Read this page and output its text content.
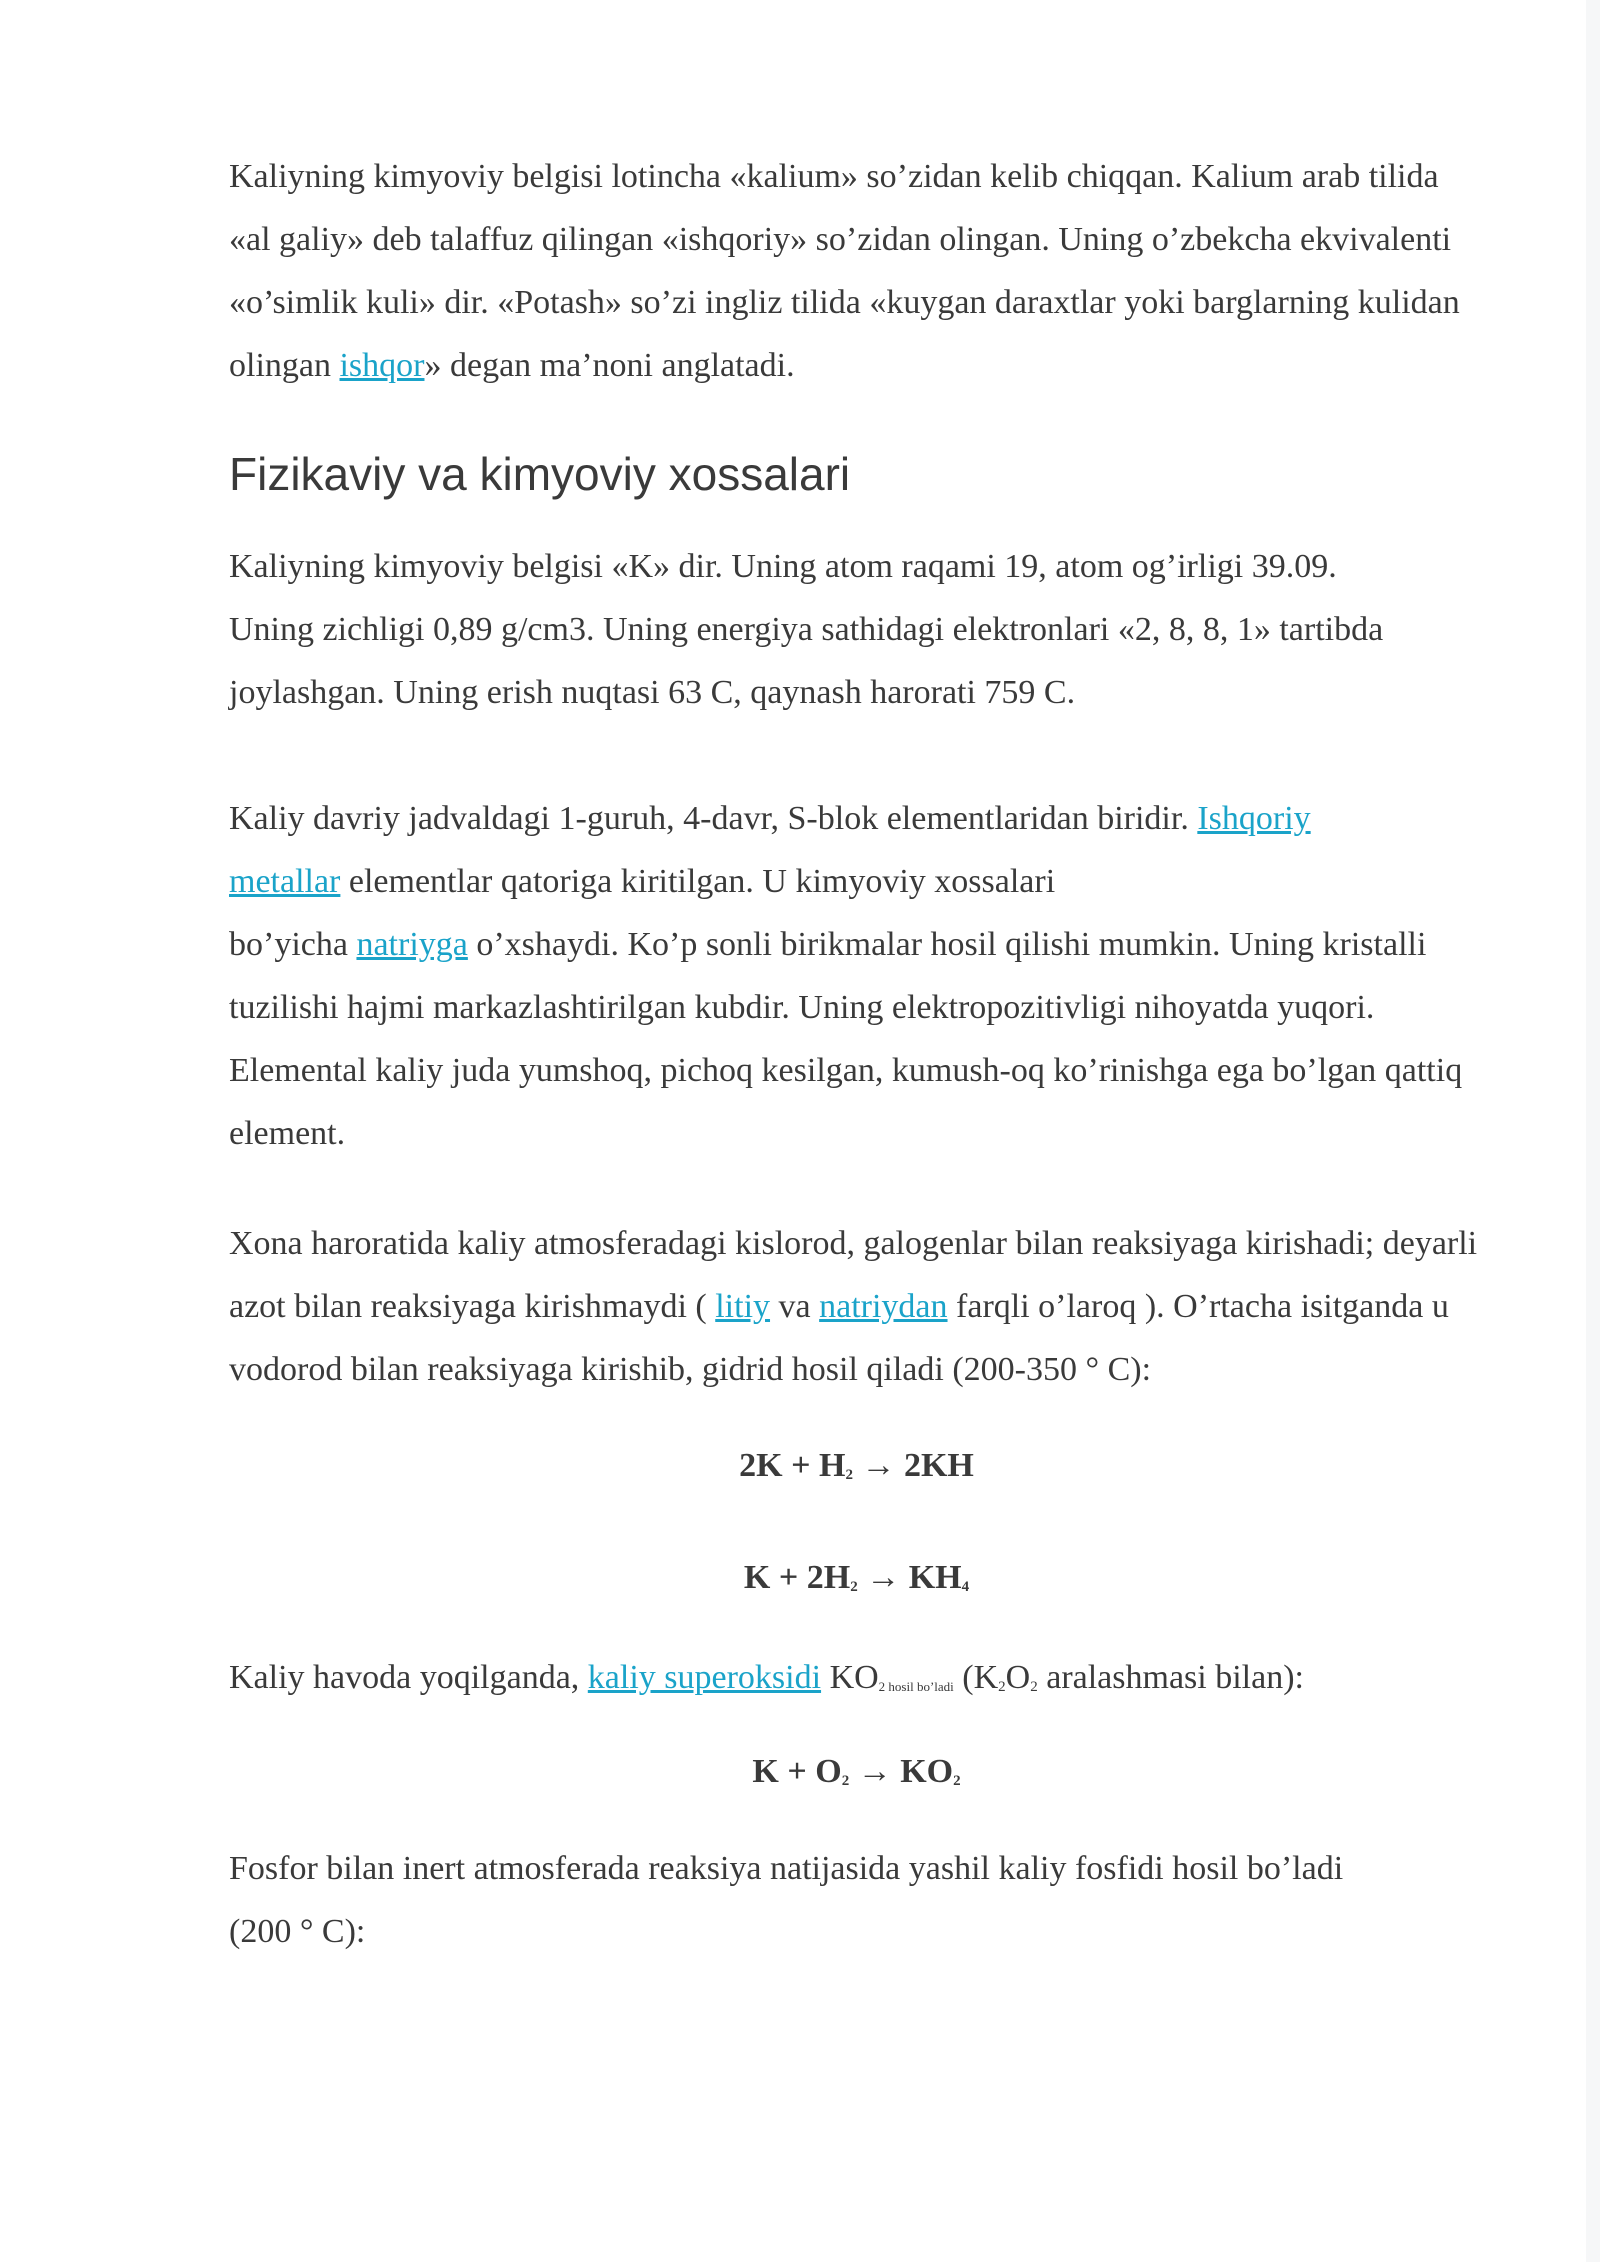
Kaliyning kimyoviy belgisi lotincha «kalium» so’zidan kelib chiqqan. Kalium arab tilida «al galiy» deb talaffuz qilingan «ishqoriy» so’zidan olingan. Uning o’zbekcha ekvivalenti «o’simlik kuli» dir. «Potash» so’zi ingliz tilida «kuygan daraxtlar yoki barglarning kulidan olingan ishqor» degan ma’noni anglatadi.

Fizikaviy va kimyoviy xossalari

Kaliyning kimyoviy belgisi «K» dir. Uning atom raqami 19, atom og’irligi 39.09.
Uning zichligi 0,89 g/cm3. Uning energiya sathidagi elektronlari «2, 8, 8, 1» tartibda
joylashgan. Uning erish nuqtasi 63 C, qaynash harorati 759 C.

Kaliy davriy jadvaldagi 1-guruh, 4-davr, S-blok elementlaridan biridir. Ishqoriy
metallar elementlar qatoriga kiritilgan. U kimyoviy xossalari
bo’yicha natriyga o’xshaydi. Ko’p sonli birikmalar hosil qilishi mumkin. Uning kristalli tuzilishi hajmi markazlashtirilgan kubdir. Uning elektropozitivligi nihoyatda yuqori. Elemental kaliy juda yumshoq, pichoq kesilgan, kumush-oq ko’rinishga ega bo’lgan qattiq element.

Xona haroratida kaliy atmosferadagi kislorod, galogenlar bilan reaksiyaga kirishadi; deyarli azot bilan reaksiyaga kirishmaydi ( litiy va natriydan farqli o’laroq ). O’rtacha isitganda u vodorod bilan reaksiyaga kirishib, gidrid hosil qiladi (200-350 ° C):

$2K + H_2 \to 2KH$

$K + 2H_2 \to KH_4$

Kaliy havoda yoqilganda, kaliy superoksidi $KO_{2 hosil bo’ladi}$ ($K_2O_2$ aralashmasi bilan):

$K + O_2 \to KO_2$

Fosfor bilan inert atmosferada reaksiya natijasida yashil kaliy fosfidi hosil bo’ladi
(200 ° C):
